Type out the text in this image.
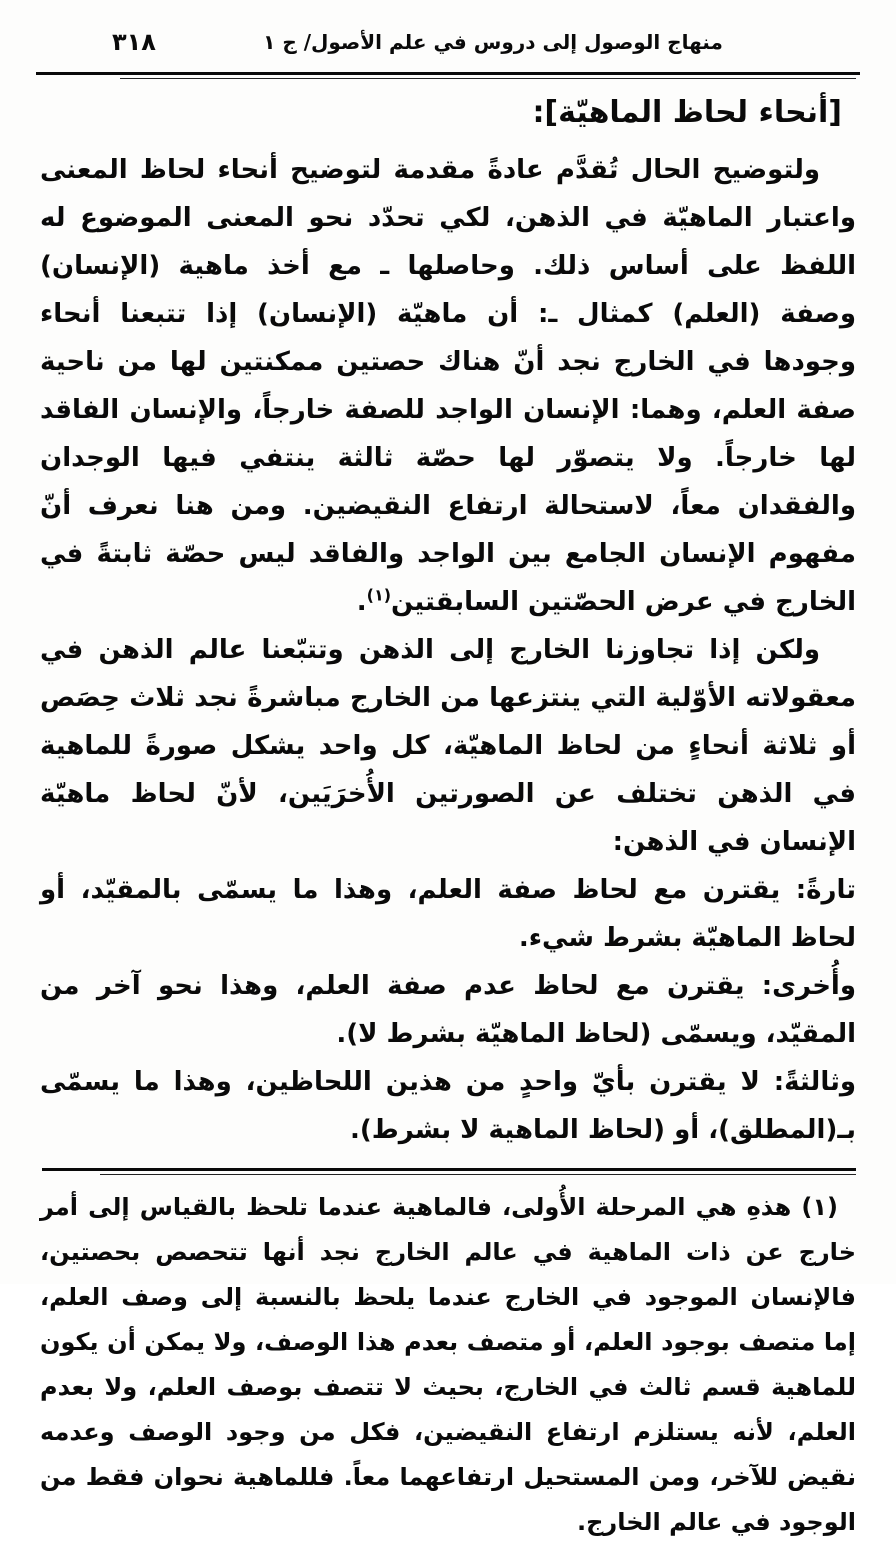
٣١٨	منهاج الوصول إلى دروس في علم الأصول/ ج ١
[أنحاء لحاظ الماهيّة]:

ولتوضيح الحال تُقدَّم عادةً مقدمة لتوضيح أنحاء لحاظ المعنى واعتبار الماهيّة في الذهن، لكي تحدّد نحو المعنى الموضوع له اللفظ على أساس ذلك. وحاصلها ـ مع أخذ ماهية (الإنسان) وصفة (العلم) كمثال ـ: أن ماهيّة (الإنسان) إذا تتبعنا أنحاء وجودها في الخارج نجد أنّ هناك حصتين ممكنتين لها من ناحية صفة العلم، وهما: الإنسان الواجد للصفة خارجاً، والإنسان الفاقد لها خارجاً. ولا يتصوّر لها حصّة ثالثة ينتفي فيها الوجدان والفقدان معاً، لاستحالة ارتفاع النقيضين. ومن هنا نعرف أنّ مفهوم الإنسان الجامع بين الواجد والفاقد ليس حصّة ثابتةً في الخارج في عرض الحصّتين السابقتين$^{(١)}$.

ولكن إذا تجاوزنا الخارج إلى الذهن وتتبّعنا عالم الذهن في معقولاته الأوّلية التي ينتزعها من الخارج مباشرةً نجد ثلاث حِصَص أو ثلاثة أنحاءٍ من لحاظ الماهيّة، كل واحد يشكل صورةً للماهية في الذهن تختلف عن الصورتين الأُخرَيَين، لأنّ لحاظ ماهيّة الإنسان في الذهن:

تارةً: يقترن مع لحاظ صفة العلم، وهذا ما يسمّى بالمقيّد، أو لحاظ الماهيّة بشرط شيء.

وأُخرى: يقترن مع لحاظ عدم صفة العلم، وهذا نحو آخر من المقيّد، ويسمّى (لحاظ الماهيّة بشرط لا).

وثالثةً: لا يقترن بأيّ واحدٍ من هذين اللحاظين، وهذا ما يسمّى بـ(المطلق)، أو (لحاظ الماهية لا بشرط).

(١) هذهِ هي المرحلة الأُولى، فالماهية عندما تلحظ بالقياس إلى أمر خارج عن ذات الماهية في عالم الخارج نجد أنها تتحصص بحصتين، فالإنسان الموجود في الخارج عندما يلحظ بالنسبة إلى وصف العلم، إما متصف بوجود العلم، أو متصف بعدم هذا الوصف، ولا يمكن أن يكون للماهية قسم ثالث في الخارج، بحيث لا تتصف بوصف العلم، ولا بعدم العلم، لأنه يستلزم ارتفاع النقيضين، فكل من وجود الوصف وعدمه نقيض للآخر، ومن المستحيل ارتفاعهما معاً. فللماهية نحوان فقط من الوجود في عالم الخارج.
